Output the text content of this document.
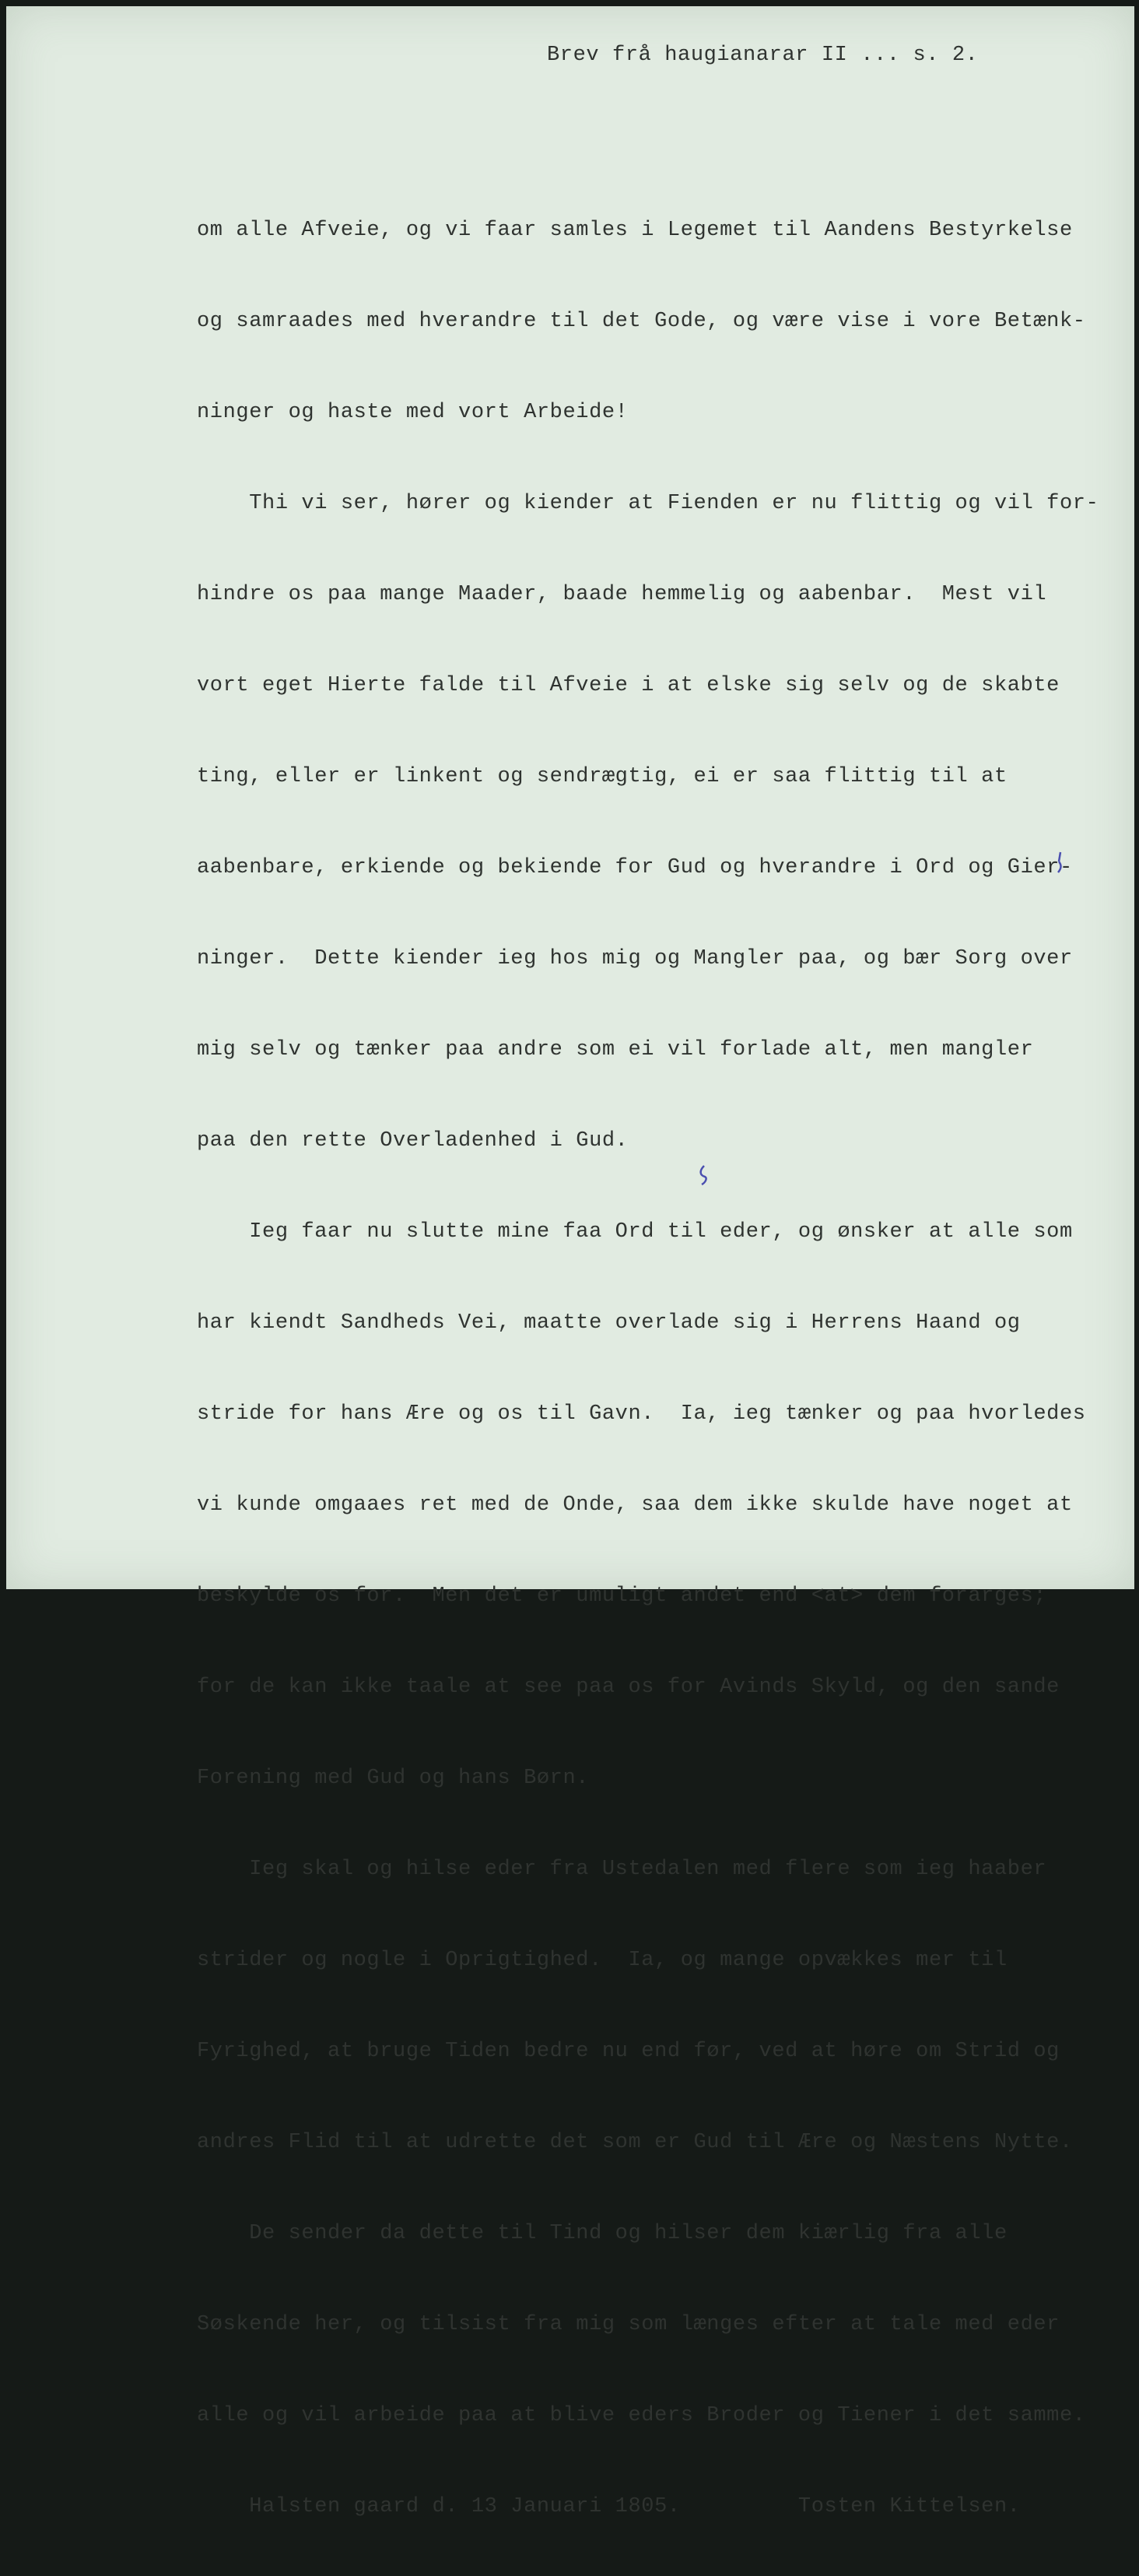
Brev frå haugianarar II ... s. 2.

om alle Afveie, og vi faar samles i Legemet til Aandens Bestyrkelse

og samraades med hverandre til det Gode, og være vise i vore Betænk-

ninger og haste med vort Arbeide!

Thi vi ser, hører og kiender at Fienden er nu flittig og vil for-

hindre os paa mange Maader, baade hemmelig og aabenbar.  Mest vil

vort eget Hierte falde til Afveie i at elske sig selv og de skabte

ting, eller er linkent og sendrægtig, ei er saa flittig til at

aabenbare, erkiende og bekiende for Gud og hverandre i Ord og Gier-

ninger.  Dette kiender ieg hos mig og Mangler paa, og bær Sorg over

mig selv og tænker paa andre som ei vil forlade alt, men mangler

paa den rette Overladenhed i Gud.

Ieg faar nu slutte mine faa Ord til eder, og ønsker at alle som

har kiendt Sandheds Vei, maatte overlade sig i Herrens Haand og

stride for hans Ære og os til Gavn.  Ia, ieg tænker og paa hvorledes

vi kunde omgaaes ret med de Onde, saa dem ikke skulde have noget at

beskylde os for.  Men det er umuligt andet end <at> dem forarges;

for de kan ikke taale at see paa os for Avinds Skyld, og den sande

Forening med Gud og hans Børn.

Ieg skal og hilse eder fra Ustedalen med flere som ieg haaber

strider og nogle i Oprigtighed.  Ia, og mange opvækkes mer til

Fyrighed, at bruge Tiden bedre nu end før, ved at høre om Strid og

andres Flid til at udrette det som er Gud til Ære og Næstens Nytte.

De sender da dette til Tind og hilser dem kiærlig fra alle

Søskende her, og tilsist fra mig som længes efter at tale med eder

alle og vil arbeide paa at blive eders Broder og Tiener i det samme.

Halsten gaard d. 13 Januari 1805.         Tosten Kittelsen.
